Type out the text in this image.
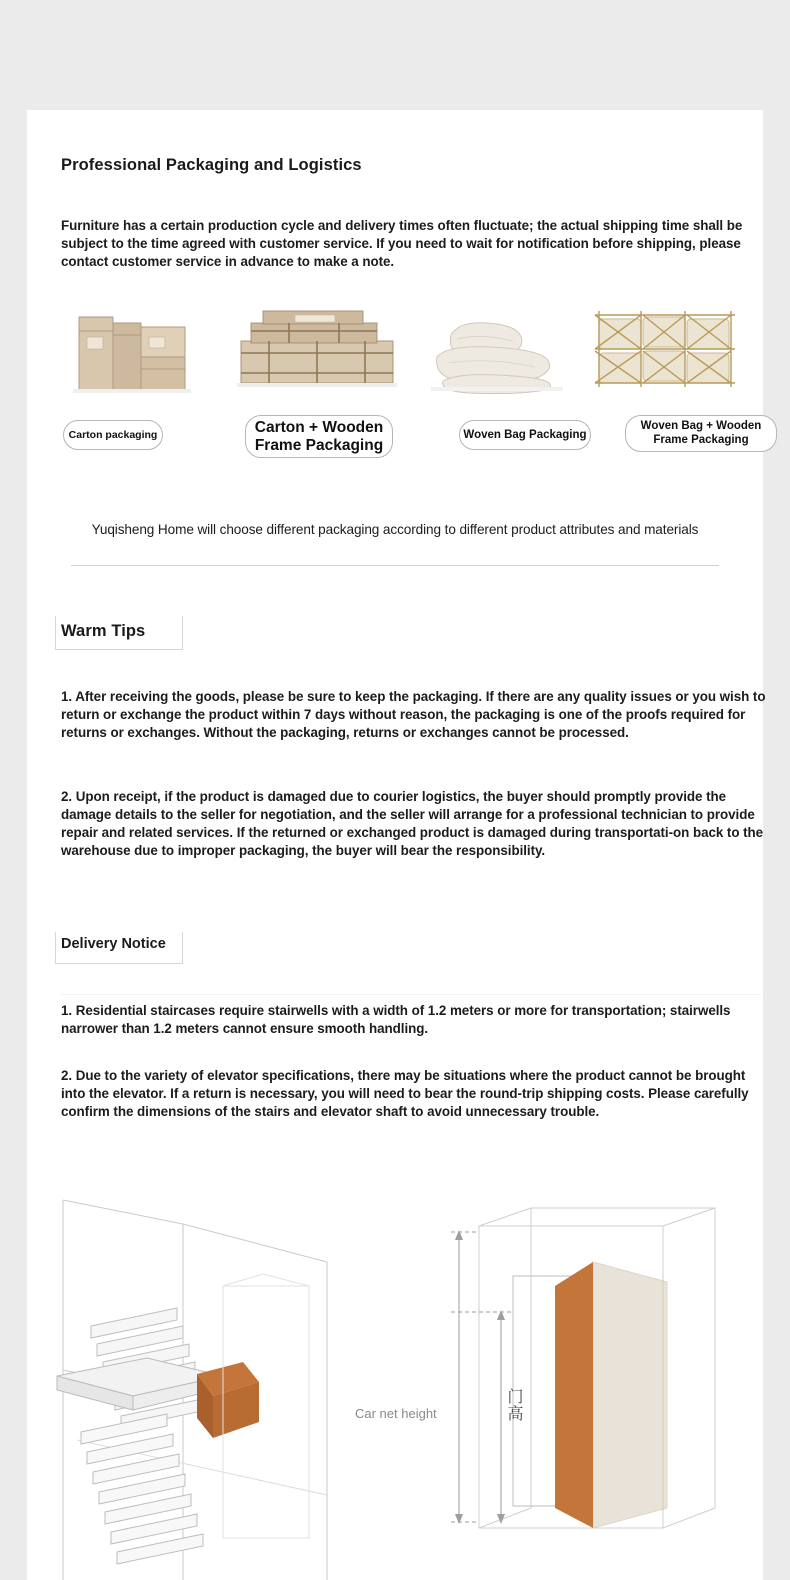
Professional Packaging and Logistics
Furniture has a certain production cycle and delivery times often fluctuate; the actual shipping time shall be subject to the time agreed with customer service. If you need to wait for notification before shipping, please contact customer service in advance to make a note.
Carton packaging	Carton + Wooden Frame Packaging
Woven Bag Packaging
Woven Bag + Wooden Frame Packaging
Yuqisheng Home will choose different packaging according to different product attributes and materials
Warm Tips
1. After receiving the goods, please be sure to keep the packaging. If there are any quality issues or you wish to return or exchange the product within 7 days without reason, the packaging is one of the proofs required for returns or exchanges. Without the packaging, returns or exchanges cannot be processed.
2. Upon receipt, if the product is damaged due to courier logistics, the buyer should promptly provide the damage details to the seller for negotiation, and the seller will arrange for a professional technician to provide repair and related services. If the returned or exchanged product is damaged during transportati-on back to the warehouse due to improper packaging, the buyer will bear the responsibility.
Delivery Notice
1. Residential staircases require stairwells with a width of 1.2 meters or more for transportation; stairwells narrower than 1.2 meters cannot ensure smooth handling.
2. Due to the variety of elevator specifications, there may be situations where the product cannot be brought into the elevator. If a return is necessary, you will need to bear the round-trip shipping costs. Please carefully confirm the dimensions of the stairs and elevator shaft to avoid unnecessary trouble.
Car net height	门高
